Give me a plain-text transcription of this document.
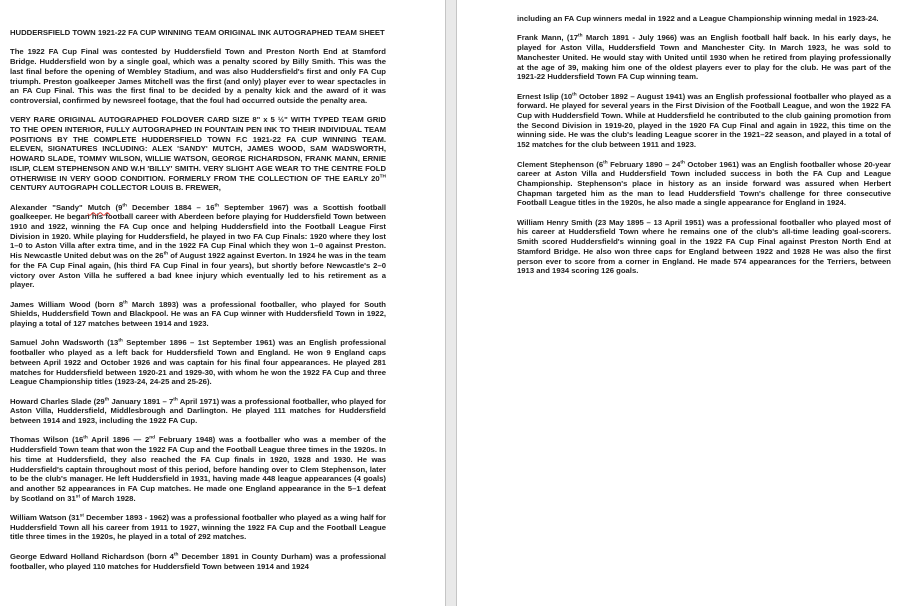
HUDDERSFIELD TOWN 1921-22 FA CUP WINNING TEAM ORIGINAL INK AUTOGRAPHED TEAM SHEET

The 1922 FA Cup Final was contested by Huddersfield Town and Preston North End at Stamford Bridge. Huddersfield won by a single goal, which was a penalty scored by Billy Smith. This was the last final before the opening of Wembley Stadium, and was also Huddersfield's first and only FA Cup triumph. Preston goalkeeper James Mitchell was the first (and only) player ever to wear spectacles in an FA Cup Final. This was the first final to be decided by a penalty kick and the award of it was controversial, confirmed by newsreel footage, that the foul had occurred outside the penalty area.

VERY RARE ORIGINAL AUTOGRAPHED FOLDOVER CARD SIZE 8" x 5 ½" WITH TYPED TEAM GRID TO THE OPEN INTERIOR, FULLY AUTOGRAPHED IN FOUNTAIN PEN INK TO THEIR INDIVIDUAL TEAM POSITIONS BY THE COMPLETE HUDDERSFIELD TOWN F.C 1921-22 FA CUP WINNING TEAM. ELEVEN, SIGNATURES INCLUDING: ALEX 'SANDY' MUTCH, JAMES WOOD, SAM WADSWORTH, HOWARD SLADE, TOMMY WILSON, WILLIE WATSON, GEORGE RICHARDSON, FRANK MANN, ERNIE ISLIP, CLEM STEPHENSON AND W.H 'BILLY' SMITH. VERY SLIGHT AGE WEAR TO THE CENTRE FOLD OTHERWISE IN VERY GOOD CONDITION. FORMERLY FROM THE COLLECTION OF THE EARLY 20TH CENTURY AUTOGRAPH COLLECTOR LOUIS B. FREWER,

Alexander "Sandy" Mutch (9th December 1884 – 16th September 1967) was a Scottish football goalkeeper. He began his football career with Aberdeen before playing for Huddersfield Town between 1910 and 1922, winning the FA Cup once and helping Huddersfield into the Football League First Division in 1920. While playing for Huddersfield, he played in two FA Cup Finals: 1920 where they lost 1–0 to Aston Villa after extra time, and in the 1922 FA Cup Final which they won 1–0 against Preston. His Newcastle United debut was on the 26th of August 1922 against Everton. In 1924 he was in the team for the FA Cup Final again, (his third FA Cup Final in four years), but shortly before Newcastle's 2–0 victory over Aston Villa he suffered a bad knee injury which eventually led to his retirement as a player.

James William Wood (born 8th March 1893) was a professional footballer, who played for South Shields, Huddersfield Town and Blackpool. He was an FA Cup winner with Huddersfield Town in 1922, playing a total of 127 matches between 1914 and 1923.

Samuel John Wadsworth (13th September 1896 – 1st September 1961) was an English professional footballer who played as a left back for Huddersfield Town and England. He won 9 England caps between April 1922 and October 1926 and was captain for his final four appearances. He played 281 matches for Huddersfield between 1920-21 and 1929-30, with whom he won the 1922 FA Cup and three League Championship titles (1923-24, 24-25 and 25-26).

Howard Charles Slade (29th January 1891 – 7th April 1971) was a professional footballer, who played for Aston Villa, Huddersfield, Middlesbrough and Darlington. He played 111 matches for Huddersfield between 1914 and 1923, including the 1922 FA Cup.

Thomas Wilson (16th April 1896 — 2nd February 1948) was a footballer who was a member of the Huddersfield Town team that won the 1922 FA Cup and the Football League three times in the 1920s. In his time at Huddersfield, they also reached the FA Cup finals in 1920, 1928 and 1930. He was Huddersfield's captain throughout most of this period, before handing over to Clem Stephenson, later to be the club's manager. He left Huddersfield in 1931, having made 448 league appearances (4 goals) and another 52 appearances in FA Cup matches. He made one England appearance in the 5–1 defeat by Scotland on 31st of March 1928.

William Watson (31st December 1893 - 1962) was a professional footballer who played as a wing half for Huddersfield Town all his career from 1911 to 1927, winning the 1922 FA Cup and the Football League title three times in the 1920s, he played in a total of 292 matches.

George Edward Holland Richardson (born 4th December 1891 in County Durham) was a professional footballer, who played 110 matches for Huddersfield Town between 1914 and 1924

including an FA Cup winners medal in 1922 and a League Championship winning medal in 1923-24.

Frank Mann, (17th March 1891 - July 1966) was an English football half back. In his early days, he played for Aston Villa, Huddersfield Town and Manchester City. In March 1923, he was sold to Manchester United. He would stay with United until 1930 when he retired from playing professionally at the age of 39, making him one of the oldest players ever to play for the club. He was part of the 1921-22 Huddersfield Town FA Cup winning team.

Ernest Islip (10th October 1892 – August 1941) was an English professional footballer who played as a forward. He played for several years in the First Division of the Football League, and won the 1922 FA Cup with Huddersfield Town. While at Huddersfield he contributed to the club gaining promotion from the Second Division in 1919-20, played in the 1920 FA Cup Final and again in 1922, this time on the winning side. He was the club's leading League scorer in the 1921–22 season, and played in a total of 152 matches for the club between 1911 and 1923.

Clement Stephenson (6th February 1890 – 24th October 1961) was an English footballer whose 20-year career at Aston Villa and Huddersfield Town included success in both the FA Cup and League Championship. Stephenson's place in history as an inside forward was assured when Herbert Chapman targeted him as the man to lead Huddersfield Town's challenge for three consecutive Football League titles in the 1920s, he also made a single appearance for England in 1924.

William Henry Smith (23 May 1895 – 13 April 1951) was a professional footballer who played most of his career at Huddersfield Town where he remains one of the club's all-time leading goal-scorers. Smith scored Huddersfield's winning goal in the 1922 FA Cup Final against Preston North End at Stamford Bridge. He also won three caps for England between 1922 and 1928 He was also the first person ever to score from a corner in England. He made 574 appearances for the Terriers, between 1913 and 1934 scoring 126 goals.
